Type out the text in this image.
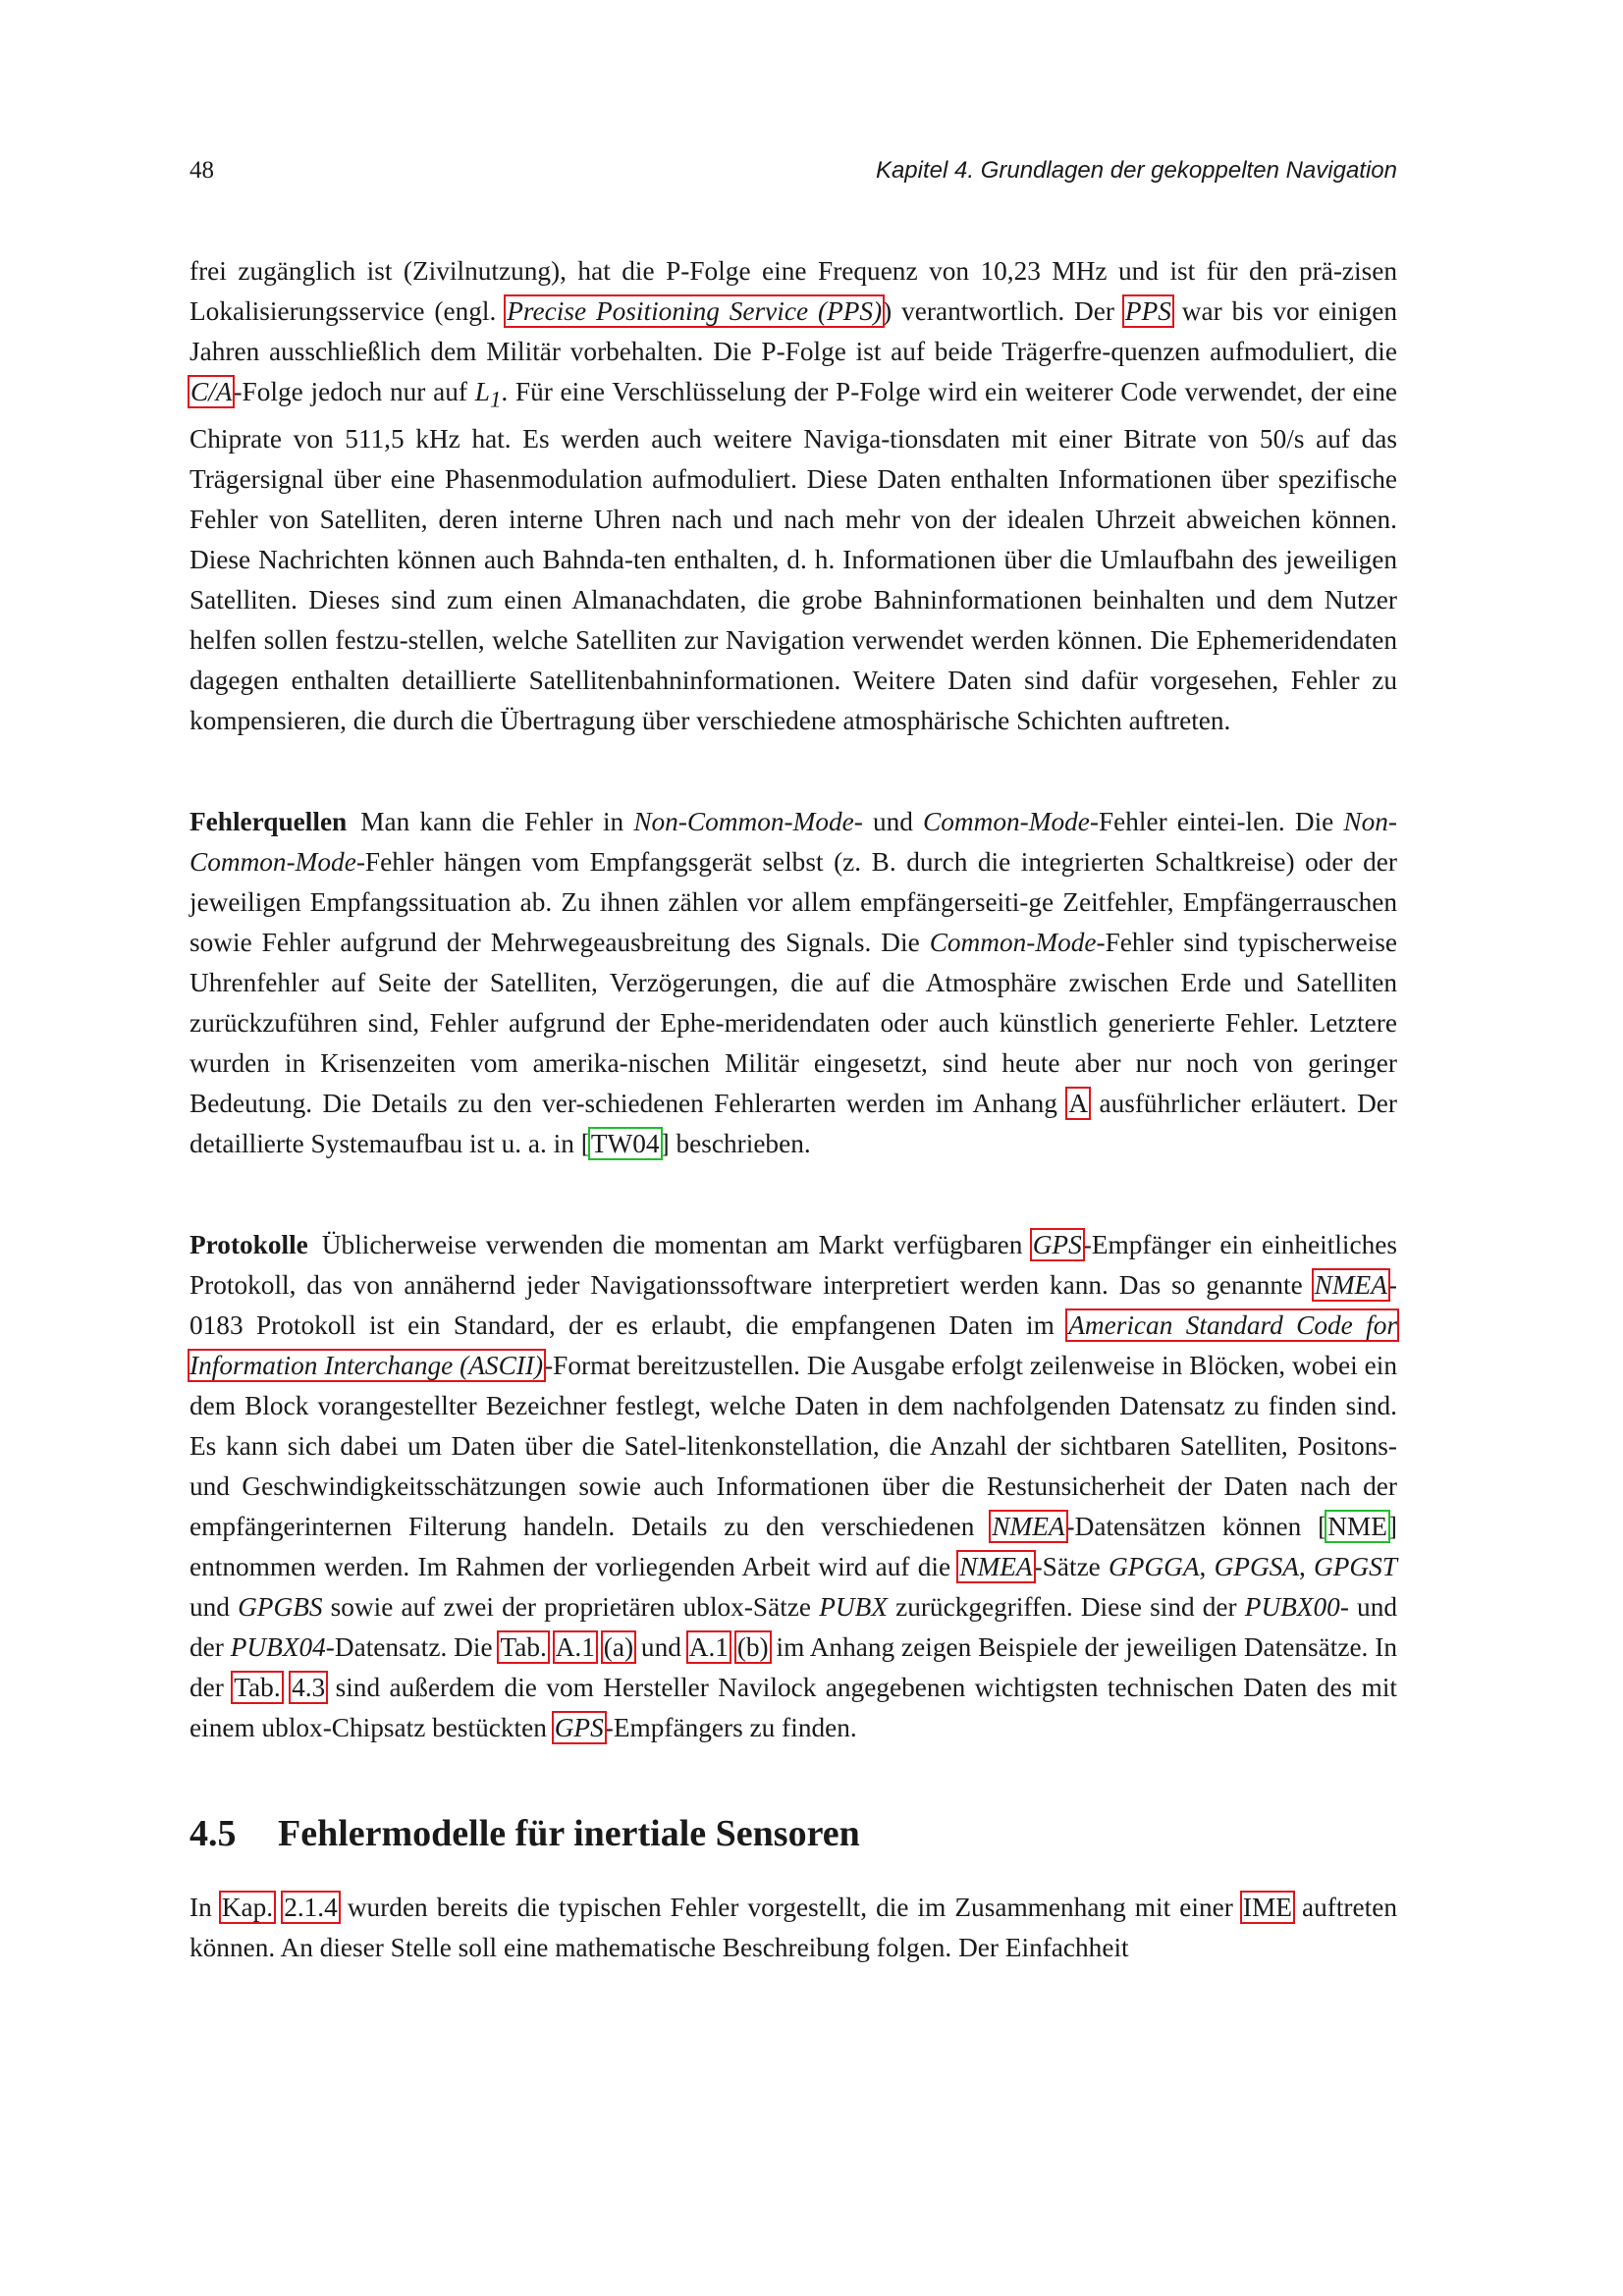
48	Kapitel 4. Grundlagen der gekoppelten Navigation

frei zugänglich ist (Zivilnutzung), hat die P-Folge eine Frequenz von 10,23 MHz und ist für den prä-zisen Lokalisierungsservice (engl. Precise Positioning Service (PPS)) verantwortlich. Der PPS war bis vor einigen Jahren ausschließlich dem Militär vorbehalten. Die P-Folge ist auf beide Trägerfre-quenzen aufmoduliert, die C/A-Folge jedoch nur auf $L_1$. Für eine Verschlüsselung der P-Folge wird ein weiterer Code verwendet, der eine Chiprate von 511,5 kHz hat. Es werden auch weitere Naviga-tionsdaten mit einer Bitrate von 50/s auf das Trägersignal über eine Phasenmodulation aufmoduliert. Diese Daten enthalten Informationen über spezifische Fehler von Satelliten, deren interne Uhren nach und nach mehr von der idealen Uhrzeit abweichen können. Diese Nachrichten können auch Bahnda-ten enthalten, d. h. Informationen über die Umlaufbahn des jeweiligen Satelliten. Dieses sind zum einen Almanachdaten, die grobe Bahninformationen beinhalten und dem Nutzer helfen sollen festzu-stellen, welche Satelliten zur Navigation verwendet werden können. Die Ephemeridendaten dagegen enthalten detaillierte Satellitenbahninformationen. Weitere Daten sind dafür vorgesehen, Fehler zu kompensieren, die durch die Übertragung über verschiedene atmosphärische Schichten auftreten.

Fehlerquellen Man kann die Fehler in Non-Common-Mode- und Common-Mode-Fehler eintei-len. Die Non-Common-Mode-Fehler hängen vom Empfangsgerät selbst (z. B. durch die integrierten Schaltkreise) oder der jeweiligen Empfangssituation ab. Zu ihnen zählen vor allem empfängerseiti-ge Zeitfehler, Empfängerrauschen sowie Fehler aufgrund der Mehrwegeausbreitung des Signals. Die Common-Mode-Fehler sind typischerweise Uhrenfehler auf Seite der Satelliten, Verzögerungen, die auf die Atmosphäre zwischen Erde und Satelliten zurückzuführen sind, Fehler aufgrund der Ephe-meridendaten oder auch künstlich generierte Fehler. Letztere wurden in Krisenzeiten vom amerika-nischen Militär eingesetzt, sind heute aber nur noch von geringer Bedeutung. Die Details zu den ver-schiedenen Fehlerarten werden im Anhang A ausführlicher erläutert. Der detaillierte Systemaufbau ist u. a. in [TW04] beschrieben.

Protokolle Üblicherweise verwenden die momentan am Markt verfügbaren GPS-Empfänger ein einheitliches Protokoll, das von annähernd jeder Navigationssoftware interpretiert werden kann. Das so genannte NMEA-0183 Protokoll ist ein Standard, der es erlaubt, die empfangenen Daten im American Standard Code for Information Interchange (ASCII)-Format bereitzustellen. Die Ausgabe erfolgt zeilenweise in Blöcken, wobei ein dem Block vorangestellter Bezeichner festlegt, welche Daten in dem nachfolgenden Datensatz zu finden sind. Es kann sich dabei um Daten über die Satel-litenkonstellation, die Anzahl der sichtbaren Satelliten, Positons- und Geschwindigkeitsschätzungen sowie auch Informationen über die Restunsicherheit der Daten nach der empfängerinternen Filterung handeln. Details zu den verschiedenen NMEA-Datensätzen können [NME] entnommen werden. Im Rahmen der vorliegenden Arbeit wird auf die NMEA-Sätze GPGGA, GPGSA, GPGST und GPGBS sowie auf zwei der proprietären ublox-Sätze PUBX zurückgegriffen. Diese sind der PUBX00- und der PUBX04-Datensatz. Die Tab. A.1 (a) und A.1 (b) im Anhang zeigen Beispiele der jeweiligen Datensätze. In der Tab. 4.3 sind außerdem die vom Hersteller Navilock angegebenen wichtigsten technischen Daten des mit einem ublox-Chipsatz bestückten GPS-Empfängers zu finden.

4.5 Fehlermodelle für inertiale Sensoren

In Kap. 2.1.4 wurden bereits die typischen Fehler vorgestellt, die im Zusammenhang mit einer IME auftreten können. An dieser Stelle soll eine mathematische Beschreibung folgen. Der Einfachheit
